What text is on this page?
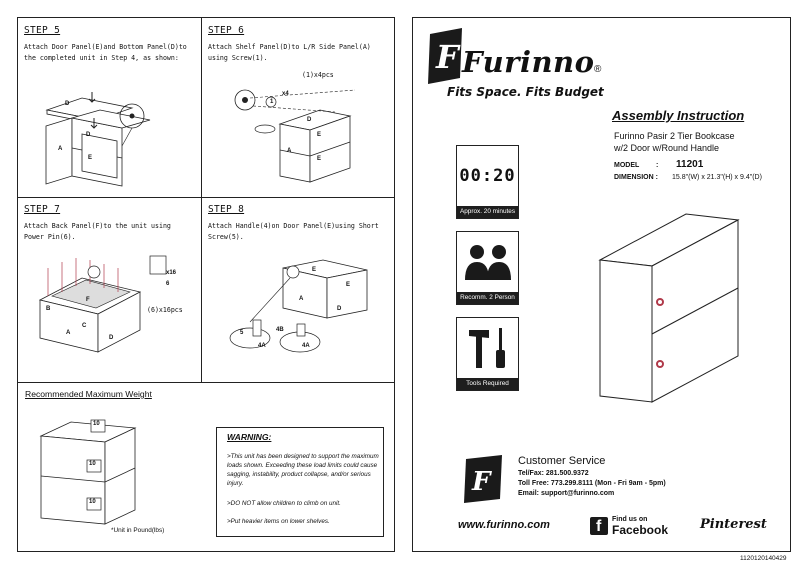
STEP 5
Attach Door Panel(E)and Bottom Panel(D)to
the completed unit in Step 4, as shown:
D
D
A
E
STEP 6
Attach Shelf Panel(D)to L/R Side Panel(A)
using Screw(1).
(1)x4pcs
x4
1
D
E
A
E
STEP 7
Attach Back Panel(F)to the unit using
Power Pin(6).
x16
6
(6)x16pcs
B
F
C
A
D
STEP 8
Attach Handle(4)on Door Panel(E)using Short
Screw(5).
E
E
A
D
5	4B
4A	4A
Recommended Maximum Weight
10
10
10
*Unit in Pound(lbs)
WARNING:
>This unit has been designed to support the maximum loads shown. Exceeding these load limits could cause sagging, instability, product collapse, and/or serious injury.
>DO NOT allow children to climb on unit.
>Put heavier items on lower shelves.
F Furinno ®
Fits Space. Fits Budget
Assembly Instruction
Furinno Pasir 2 Tier Bookcase
w/2 Door w/Round Handle
MODEL : 11201
DIMENSION : 15.8"(W) x 21.3"(H) x 9.4"(D)
00:20
Approx. 20 minutes
Recomm. 2 Person
Tools Required
F
Customer Service
Tel/Fax: 281.500.9372
Toll Free: 773.299.8111 (Mon - Fri 9am - 5pm)
Email: support@furinno.com
www.furinno.com	f Find us on
Facebook Pinterest
1120120140429
